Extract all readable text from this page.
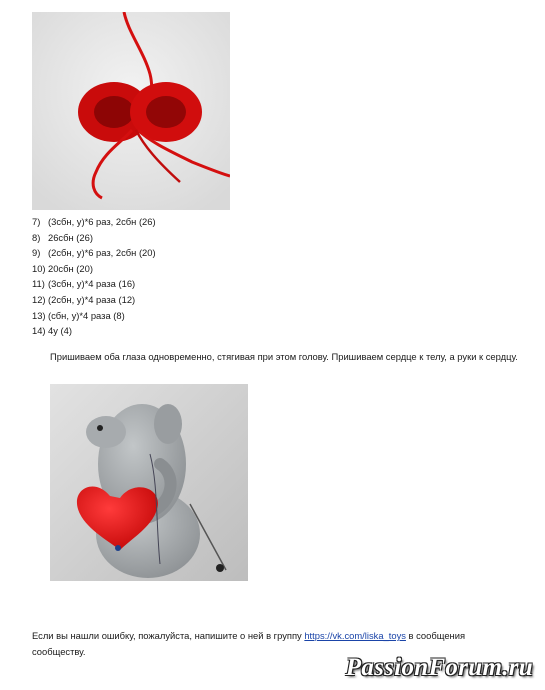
7) (3сбн, у)*6 раз, 2сбн (26)
8) 26сбн (26)
9) (2сбн, у)*6 раз, 2сбн (20)
10) 20сбн (20)
11) (3сбн, у)*4 раза (16)
12) (2сбн, у)*4 раза (12)
13) (сбн, у)*4 раза (8)
14) 4у (4)
Пришиваем оба глаза одновременно, стягивая при этом голову. Пришиваем сердце к телу, а руки к сердцу.
Если вы нашли ошибку, пожалуйста, напишите о ней в группу https://vk.com/liska_toys в сообщения сообществу.
PassionForum.ru
